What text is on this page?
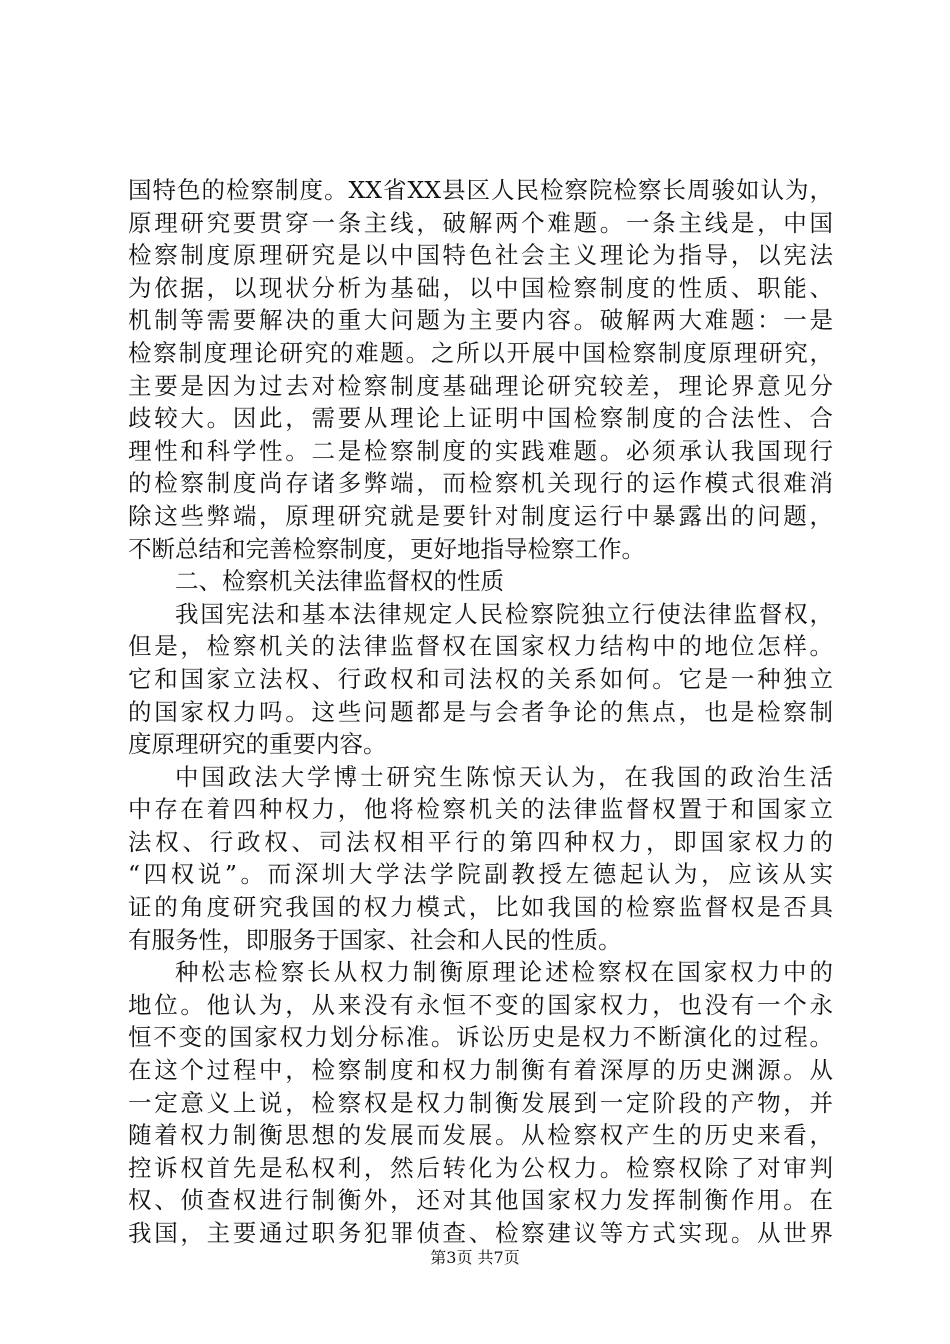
国特色的检察制度。XX省XX县区人民检察院检察长周骏如认为，
原理研究要贯穿一条主线，破解两个难题。一条主线是，中国
检察制度原理研究是以中国特色社会主义理论为指导，以宪法
为依据，以现状分析为基础，以中国检察制度的性质、职能、
机制等需要解决的重大问题为主要内容。破解两大难题：一是
检察制度理论研究的难题。之所以开展中国检察制度原理研究，
主要是因为过去对检察制度基础理论研究较差，理论界意见分
歧较大。因此，需要从理论上证明中国检察制度的合法性、合
理性和科学性。二是检察制度的实践难题。必须承认我国现行
的检察制度尚存诸多弊端，而检察机关现行的运作模式很难消
除这些弊端，原理研究就是要针对制度运行中暴露出的问题，
不断总结和完善检察制度，更好地指导检察工作。
二、检察机关法律监督权的性质
我国宪法和基本法律规定人民检察院独立行使法律监督权，
但是，检察机关的法律监督权在国家权力结构中的地位怎样。
它和国家立法权、行政权和司法权的关系如何。它是一种独立
的国家权力吗。这些问题都是与会者争论的焦点，也是检察制
度原理研究的重要内容。
中国政法大学博士研究生陈惊天认为，在我国的政治生活
中存在着四种权力，他将检察机关的法律监督权置于和国家立
法权、行政权、司法权相平行的第四种权力，即国家权力的
“四权说”。而深圳大学法学院副教授左德起认为，应该从实
证的角度研究我国的权力模式，比如我国的检察监督权是否具
有服务性，即服务于国家、社会和人民的性质。
种松志检察长从权力制衡原理论述检察权在国家权力中的
地位。他认为，从来没有永恒不变的国家权力，也没有一个永
恒不变的国家权力划分标准。诉讼历史是权力不断演化的过程。
在这个过程中，检察制度和权力制衡有着深厚的历史渊源。从
一定意义上说，检察权是权力制衡发展到一定阶段的产物，并
随着权力制衡思想的发展而发展。从检察权产生的历史来看，
控诉权首先是私权利，然后转化为公权力。检察权除了对审判
权、侦查权进行制衡外，还对其他国家权力发挥制衡作用。在
我国，主要通过职务犯罪侦查、检察建议等方式实现。从世界
第3页 共7页
